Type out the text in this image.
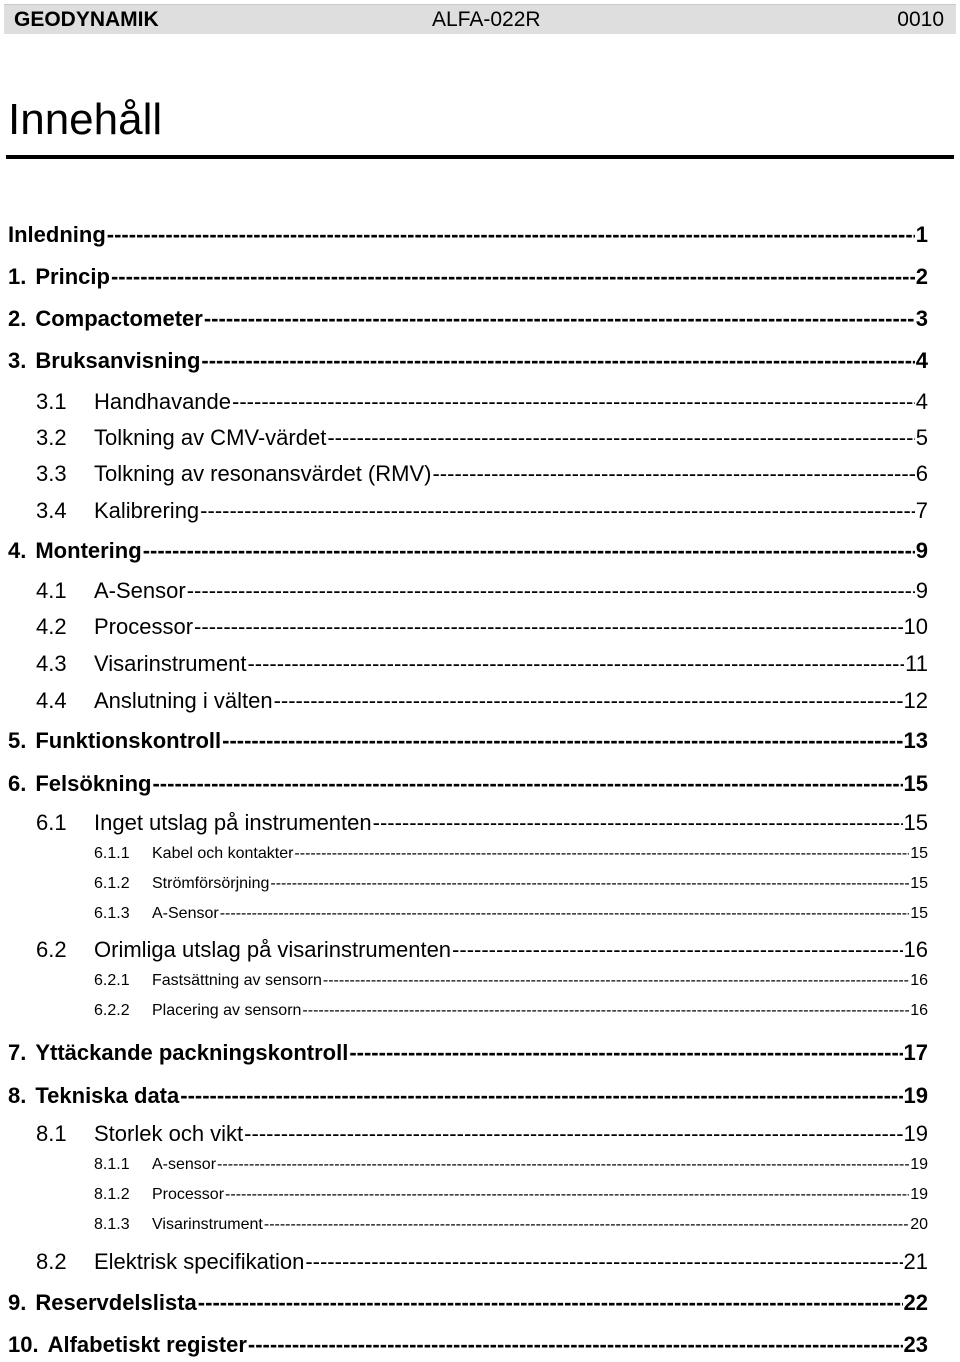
GEODYNAMIK	ALFA-022R	0010
Innehåll
Inledning -----	1
1. Princip -----	2
2. Compactometer -----	3
3. Bruksanvisning -----	4
3.1	Handhavande -----	4
3.2	Tolkning av CMV-värdet -----	5
3.3	Tolkning av resonansvärdet (RMV) -----	6
3.4	Kalibrering -----	7
4. Montering -----	9
4.1	A-Sensor -----	9
4.2	Processor -----	10
4.3	Visarinstrument -----	11
4.4	Anslutning i välten -----	12
5. Funktionskontroll -----	13
6. Felsökning -----	15
6.1	Inget utslag på instrumenten -----	15
6.1.1	Kabel och kontakter -----	15
6.1.2	Strömförsörjning -----	15
6.1.3	A-Sensor -----	15
6.2	Orimliga utslag på visarinstrumenten -----	16
6.2.1	Fastsättning av sensorn -----	16
6.2.2	Placering av sensorn -----	16
7. Yttäckande packningskontroll -----	17
8. Tekniska data -----	19
8.1	Storlek och vikt -----	19
8.1.1	A-sensor -----	19
8.1.2	Processor -----	19
8.1.3	Visarinstrument -----	20
8.2	Elektrisk specifikation -----	21
9. Reservdelslista -----	22
10. Alfabetiskt register -----	23
